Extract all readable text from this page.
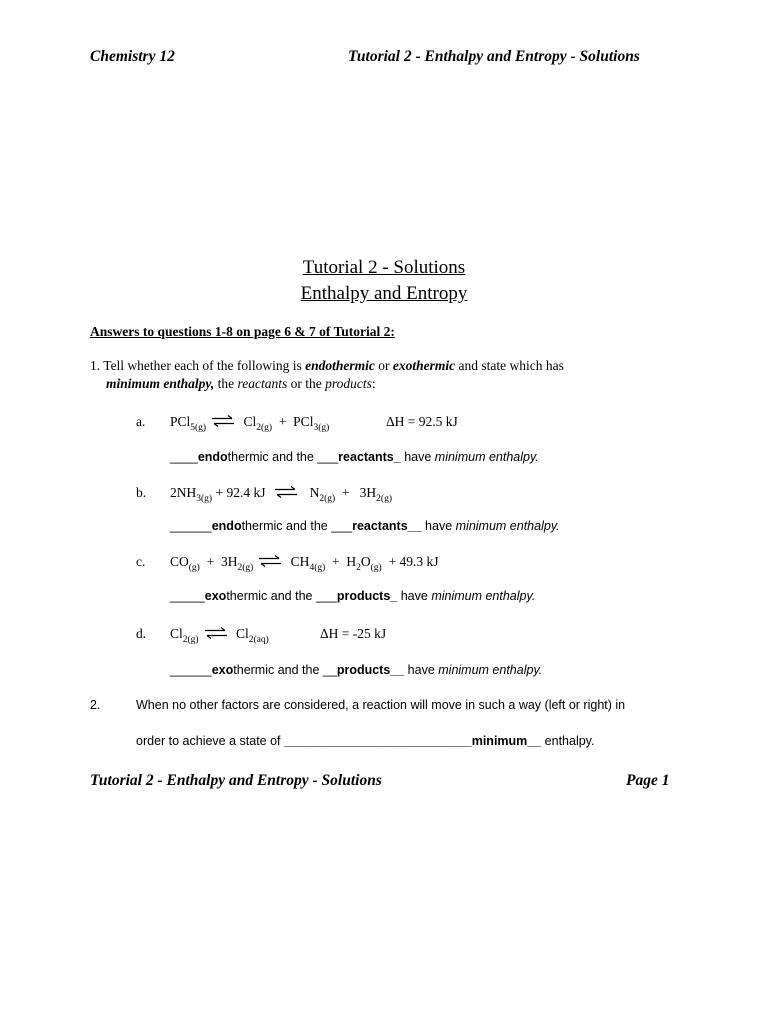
Chemistry 12	Tutorial 2 - Enthalpy and Entropy - Solutions
Tutorial 2 - Solutions
Enthalpy and Entropy
Answers to questions 1-8 on page 6 & 7 of Tutorial 2:
1. Tell whether each of the following is endothermic or exothermic and state which has
minimum enthalpy, the reactants or the products:
a. PCl$_{5(g)}$	$Cl_{2(g)} + PCl_{3(g)}$	ΔH = 92.5 kJ
____endothermic and the ___reactants_ have minimum enthalpy.
b. $2NH_{3(g)} + 92.4$ kJ	$N_{2(g)} + 3H_{2(g)}$
______endothermic and the ___reactants__ have minimum enthalpy.
c. $CO_{(g)} + 3H_{2(g)}$	$CH_{4(g)} + H_2O_{(g)} + 49.3$ kJ
_____exothermic and the ___products_ have minimum enthalpy.
d. $Cl_{2(g)}$	$Cl_{2(aq)}$	ΔH = -25 kJ
______exothermic and the __products__ have minimum enthalpy.
2.	When no other factors are considered, a reaction will move in such a way (left or right) in
order to achieve a state of ___________________________minimum__ enthalpy.
Tutorial 2 - Enthalpy and Entropy - Solutions	Page 1
